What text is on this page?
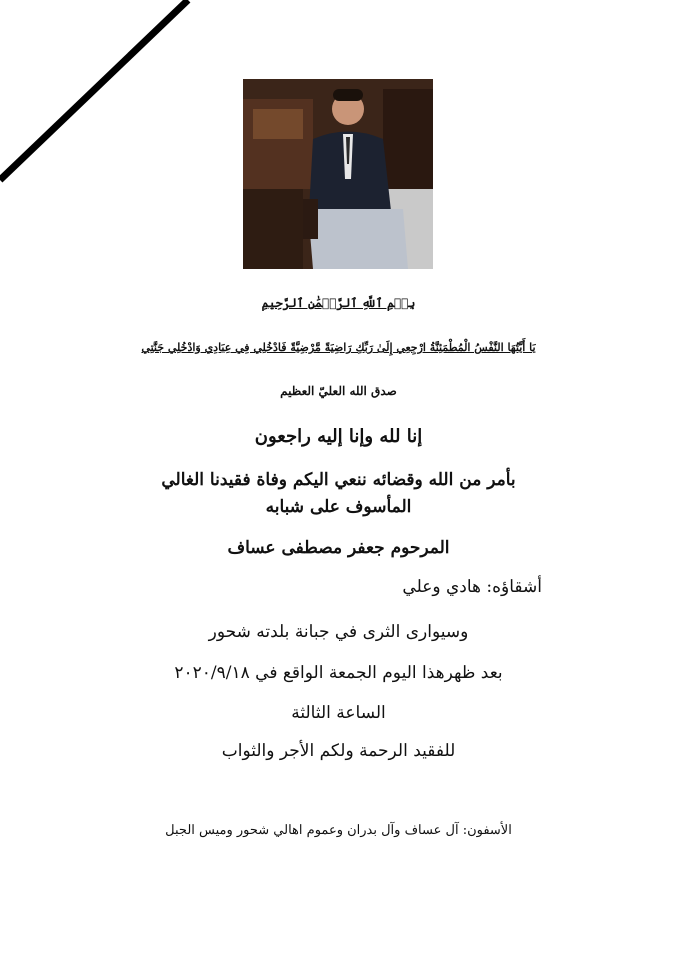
بِسۡمِ ٱللَّهِ ٱلرَّحۡمَٰنِ ٱلرَّحِيمِ
يَا أَيَّتُهَا النَّفْسُ الْمُطْمَئِنَّةُ ارْجِعِي إِلَىٰ رَبِّكِ رَاضِيَةً مَّرْضِيَّةً فَادْخُلِي فِي عِبَادِي وَادْخُلِي جَنَّتِي
صدق الله العليّ العظيم
إنا لله وإنا إليه راجعون
بأمر من الله وقضائه ننعي اليكم وفاة فقيدنا الغالي
المأسوف على شبابه
المرحوم جعفر مصطفى عساف
أشقاؤه: هادي وعلي
وسيوارى الثرى في جبانة بلدته شحور
بعد ظهرهذا اليوم الجمعة الواقع في ٢٠٢٠/٩/١٨
الساعة الثالثة
للفقيد الرحمة ولكم الأجر والثواب
الأسفون: آل عساف وآل بدران وعموم اهالي شحور وميس الجبل
